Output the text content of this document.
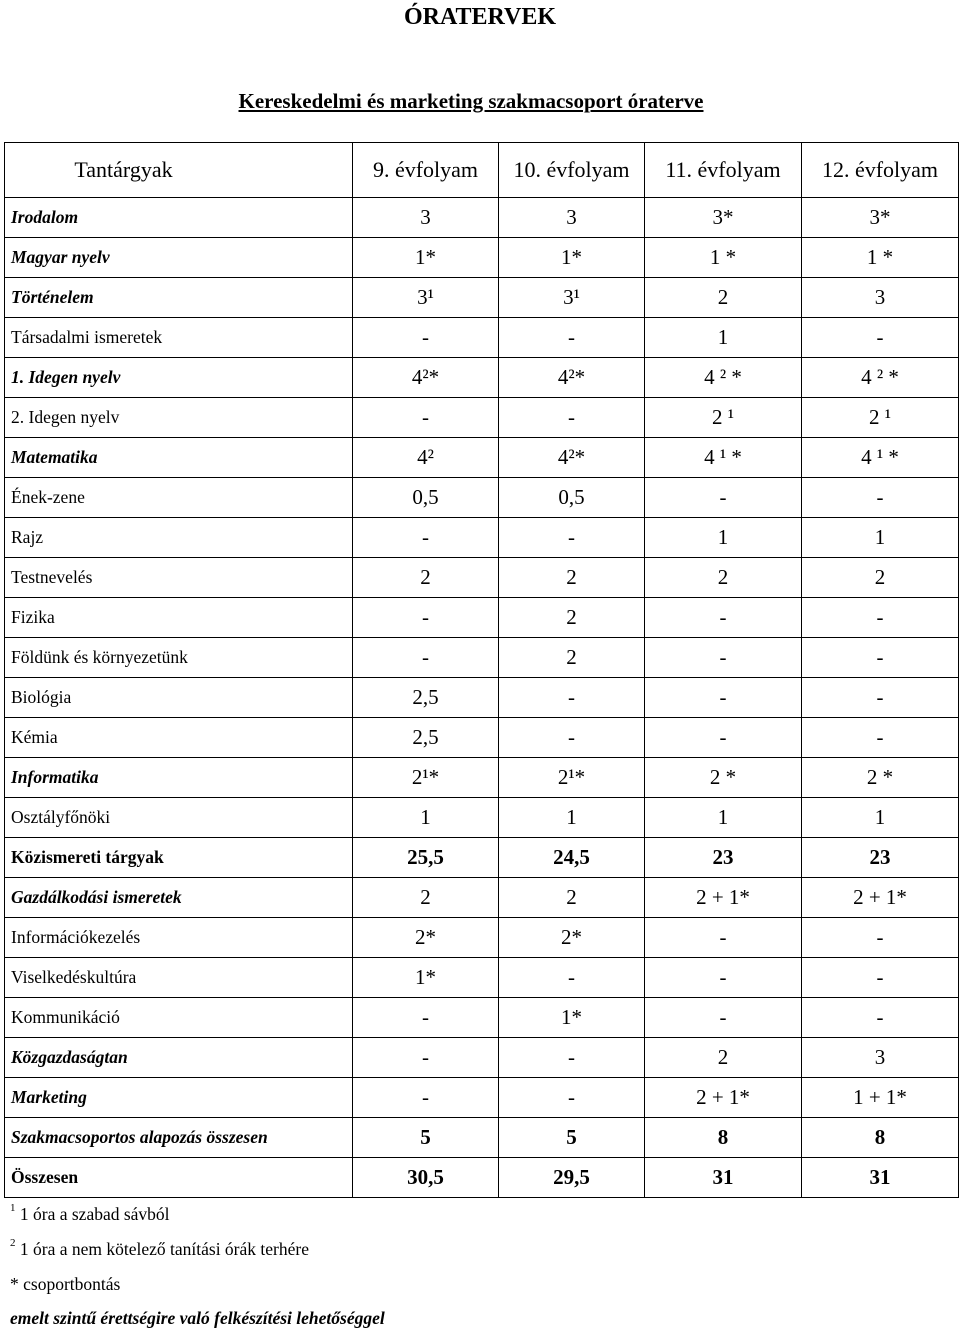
ÓRATERVEK
Kereskedelmi és marketing szakmacsoport óraterve
Tantárgyak	9. évfolyam	10. évfolyam	11. évfolyam	12. évfolyam
Irodalom	3	3	3*	3*
Magyar nyelv	1*	1*	1 *	1 *
Történelem	3¹	3¹	2	3
Társadalmi ismeretek	-	-	1	-
1. Idegen nyelv	4²*	4²*	4 ² *	4 ² *
2. Idegen nyelv	-	-	2 ¹	2 ¹
Matematika	4²	4²*	4 ¹ *	4 ¹ *
Ének-zene	0,5	0,5	-	-
Rajz	-	-	1	1
Testnevelés	2	2	2	2
Fizika	-	2	-	-
Földünk és környezetünk	-	2	-	-
Biológia	2,5	-	-	-
Kémia	2,5	-	-	-
Informatika	2¹*	2¹*	2 *	2 *
Osztályfőnöki	1	1	1	1
Közismereti tárgyak	25,5	24,5	23	23
Gazdálkodási ismeretek	2	2	2 + 1*	2 + 1*
Információkezelés	2*	2*	-	-
Viselkedéskultúra	1*	-	-	-
Kommunikáció	-	1*	-	-
Közgazdaságtan	-	-	2	3
Marketing	-	-	2 + 1*	1 + 1*
Szakmacsoportos alapozás összesen	5	5	8	8
Összesen	30,5	29,5	31	31
$^1$ 1 óra a szabad sávból
$^2$ 1 óra a nem kötelező tanítási órák terhére
* csoportbontás
emelt szintű érettségire való felkészítési lehetőséggel
